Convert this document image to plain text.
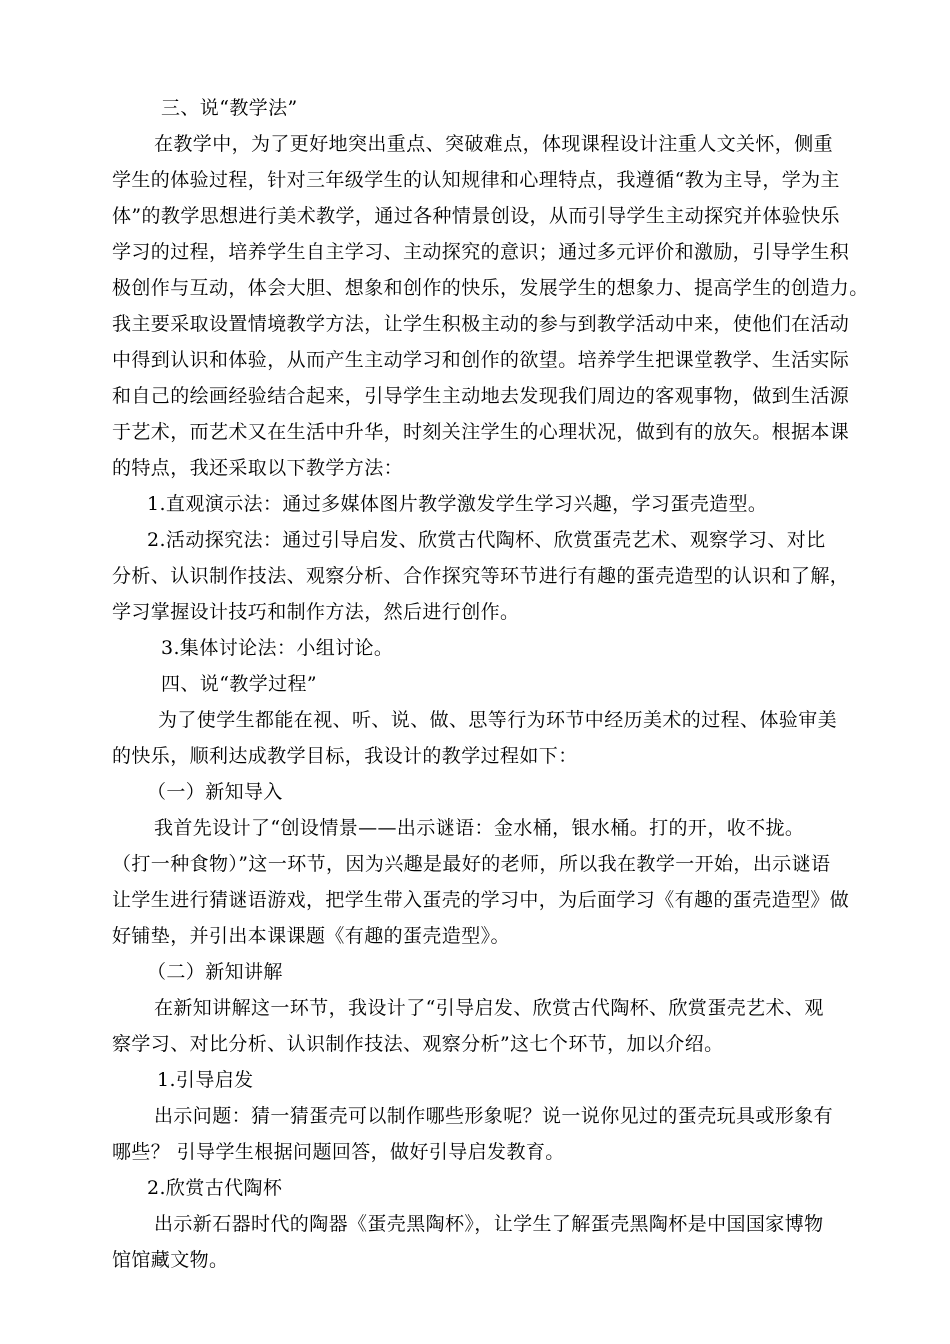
三、说“教学法”
在教学中，为了更好地突出重点、突破难点，体现课程设计注重人文关怀，侧重
学生的体验过程，针对三年级学生的认知规律和心理特点，我遵循“教为主导，学为主
体”的教学思想进行美术教学，通过各种情景创设，从而引导学生主动探究并体验快乐
学习的过程，培养学生自主学习、主动探究的意识；通过多元评价和激励，引导学生积
极创作与互动，体会大胆、想象和创作的快乐，发展学生的想象力、提高学生的创造力。
我主要采取设置情境教学方法，让学生积极主动的参与到教学活动中来，使他们在活动
中得到认识和体验，从而产生主动学习和创作的欲望。培养学生把课堂教学、生活实际
和自己的绘画经验结合起来，引导学生主动地去发现我们周边的客观事物，做到生活源
于艺术，而艺术又在生活中升华，时刻关注学生的心理状况，做到有的放矢。根据本课
的特点，我还采取以下教学方法：
1.直观演示法：通过多媒体图片教学激发学生学习兴趣，学习蛋壳造型。
2.活动探究法：通过引导启发、欣赏古代陶杯、欣赏蛋壳艺术、观察学习、对比
分析、认识制作技法、观察分析、合作探究等环节进行有趣的蛋壳造型的认识和了解，
学习掌握设计技巧和制作方法，然后进行创作。
3.集体讨论法：小组讨论。
四、说“教学过程”
为了使学生都能在视、听、说、做、思等行为环节中经历美术的过程、体验审美
的快乐，顺利达成教学目标，我设计的教学过程如下：
（一）新知导入
我首先设计了“创设情景——出示谜语：金水桶，银水桶。打的开，收不拢。
（打一种食物）”这一环节，因为兴趣是最好的老师，所以我在教学一开始，出示谜语
让学生进行猜谜语游戏，把学生带入蛋壳的学习中，为后面学习《有趣的蛋壳造型》做
好铺垫，并引出本课课题《有趣的蛋壳造型》。
（二）新知讲解
在新知讲解这一环节，我设计了“引导启发、欣赏古代陶杯、欣赏蛋壳艺术、观
察学习、对比分析、认识制作技法、观察分析”这七个环节，加以介绍。
1.引导启发
出示问题：猜一猜蛋壳可以制作哪些形象呢？说一说你见过的蛋壳玩具或形象有
哪些？ 引导学生根据问题回答，做好引导启发教育。
2.欣赏古代陶杯
出示新石器时代的陶器《蛋壳黑陶杯》，让学生了解蛋壳黑陶杯是中国国家博物
馆馆藏文物。
